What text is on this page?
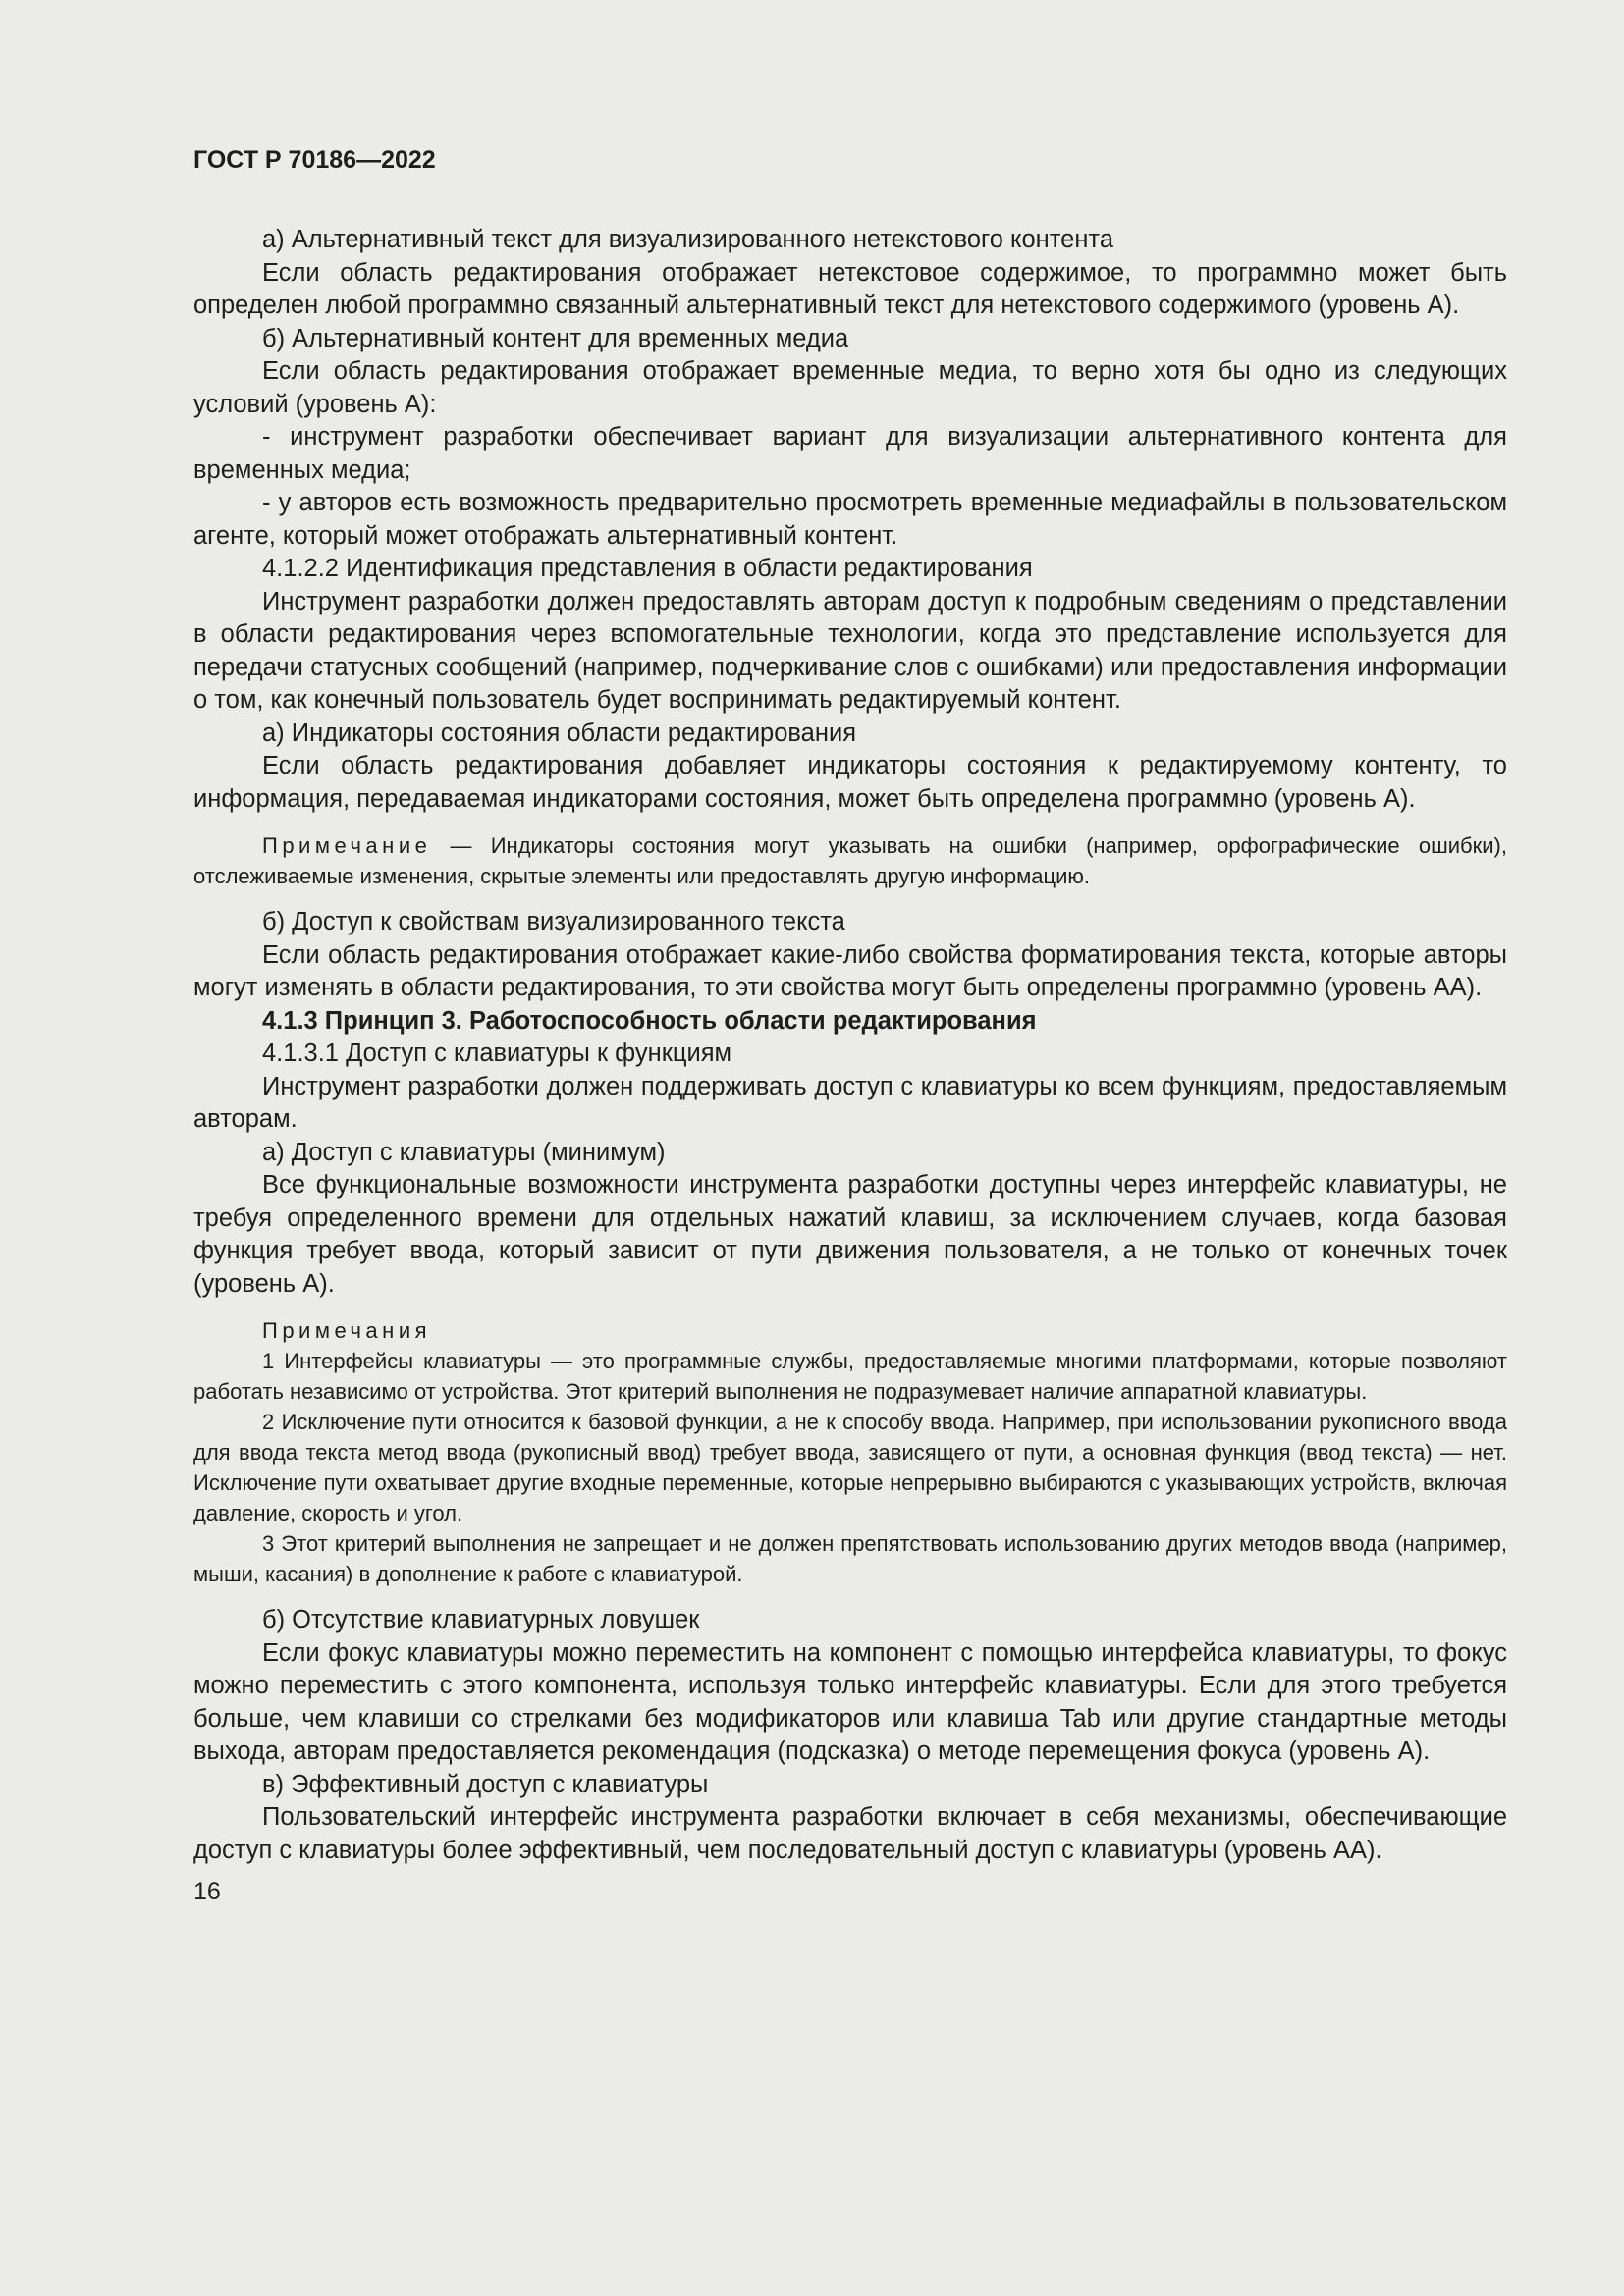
ГОСТ Р 70186—2022

а) Альтернативный текст для визуализированного нетекстового контента

Если область редактирования отображает нетекстовое содержимое, то программно может быть определен любой программно связанный альтернативный текст для нетекстового содержимого (уровень А).

б) Альтернативный контент для временных медиа

Если область редактирования отображает временные медиа, то верно хотя бы одно из следующих условий (уровень А):

- инструмент разработки обеспечивает вариант для визуализации альтернативного контента для временных медиа;

- у авторов есть возможность предварительно просмотреть временные медиафайлы в пользовательском агенте, который может отображать альтернативный контент.

4.1.2.2 Идентификация представления в области редактирования

Инструмент разработки должен предоставлять авторам доступ к подробным сведениям о представлении в области редактирования через вспомогательные технологии, когда это представление используется для передачи статусных сообщений (например, подчеркивание слов с ошибками) или предоставления информации о том, как конечный пользователь будет воспринимать редактируемый контент.

а) Индикаторы состояния области редактирования

Если область редактирования добавляет индикаторы состояния к редактируемому контенту, то информация, передаваемая индикаторами состояния, может быть определена программно (уровень А).

Примечание — Индикаторы состояния могут указывать на ошибки (например, орфографические ошибки), отслеживаемые изменения, скрытые элементы или предоставлять другую информацию.

б) Доступ к свойствам визуализированного текста

Если область редактирования отображает какие-либо свойства форматирования текста, которые авторы могут изменять в области редактирования, то эти свойства могут быть определены программно (уровень АА).

4.1.3 Принцип 3. Работоспособность области редактирования

4.1.3.1 Доступ с клавиатуры к функциям

Инструмент разработки должен поддерживать доступ с клавиатуры ко всем функциям, предоставляемым авторам.

а) Доступ с клавиатуры (минимум)

Все функциональные возможности инструмента разработки доступны через интерфейс клавиатуры, не требуя определенного времени для отдельных нажатий клавиш, за исключением случаев, когда базовая функция требует ввода, который зависит от пути движения пользователя, а не только от конечных точек (уровень А).

Примечания

1 Интерфейсы клавиатуры — это программные службы, предоставляемые многими платформами, которые позволяют работать независимо от устройства. Этот критерий выполнения не подразумевает наличие аппаратной клавиатуры.

2 Исключение пути относится к базовой функции, а не к способу ввода. Например, при использовании рукописного ввода для ввода текста метод ввода (рукописный ввод) требует ввода, зависящего от пути, а основная функция (ввод текста) — нет. Исключение пути охватывает другие входные переменные, которые непрерывно выбираются с указывающих устройств, включая давление, скорость и угол.

3 Этот критерий выполнения не запрещает и не должен препятствовать использованию других методов ввода (например, мыши, касания) в дополнение к работе с клавиатурой.

б) Отсутствие клавиатурных ловушек

Если фокус клавиатуры можно переместить на компонент с помощью интерфейса клавиатуры, то фокус можно переместить с этого компонента, используя только интерфейс клавиатуры. Если для этого требуется больше, чем клавиши со стрелками без модификаторов или клавиша Tab или другие стандартные методы выхода, авторам предоставляется рекомендация (подсказка) о методе перемещения фокуса (уровень А).

в) Эффективный доступ с клавиатуры

Пользовательский интерфейс инструмента разработки включает в себя механизмы, обеспечивающие доступ с клавиатуры более эффективный, чем последовательный доступ с клавиатуры (уровень АА).

16
